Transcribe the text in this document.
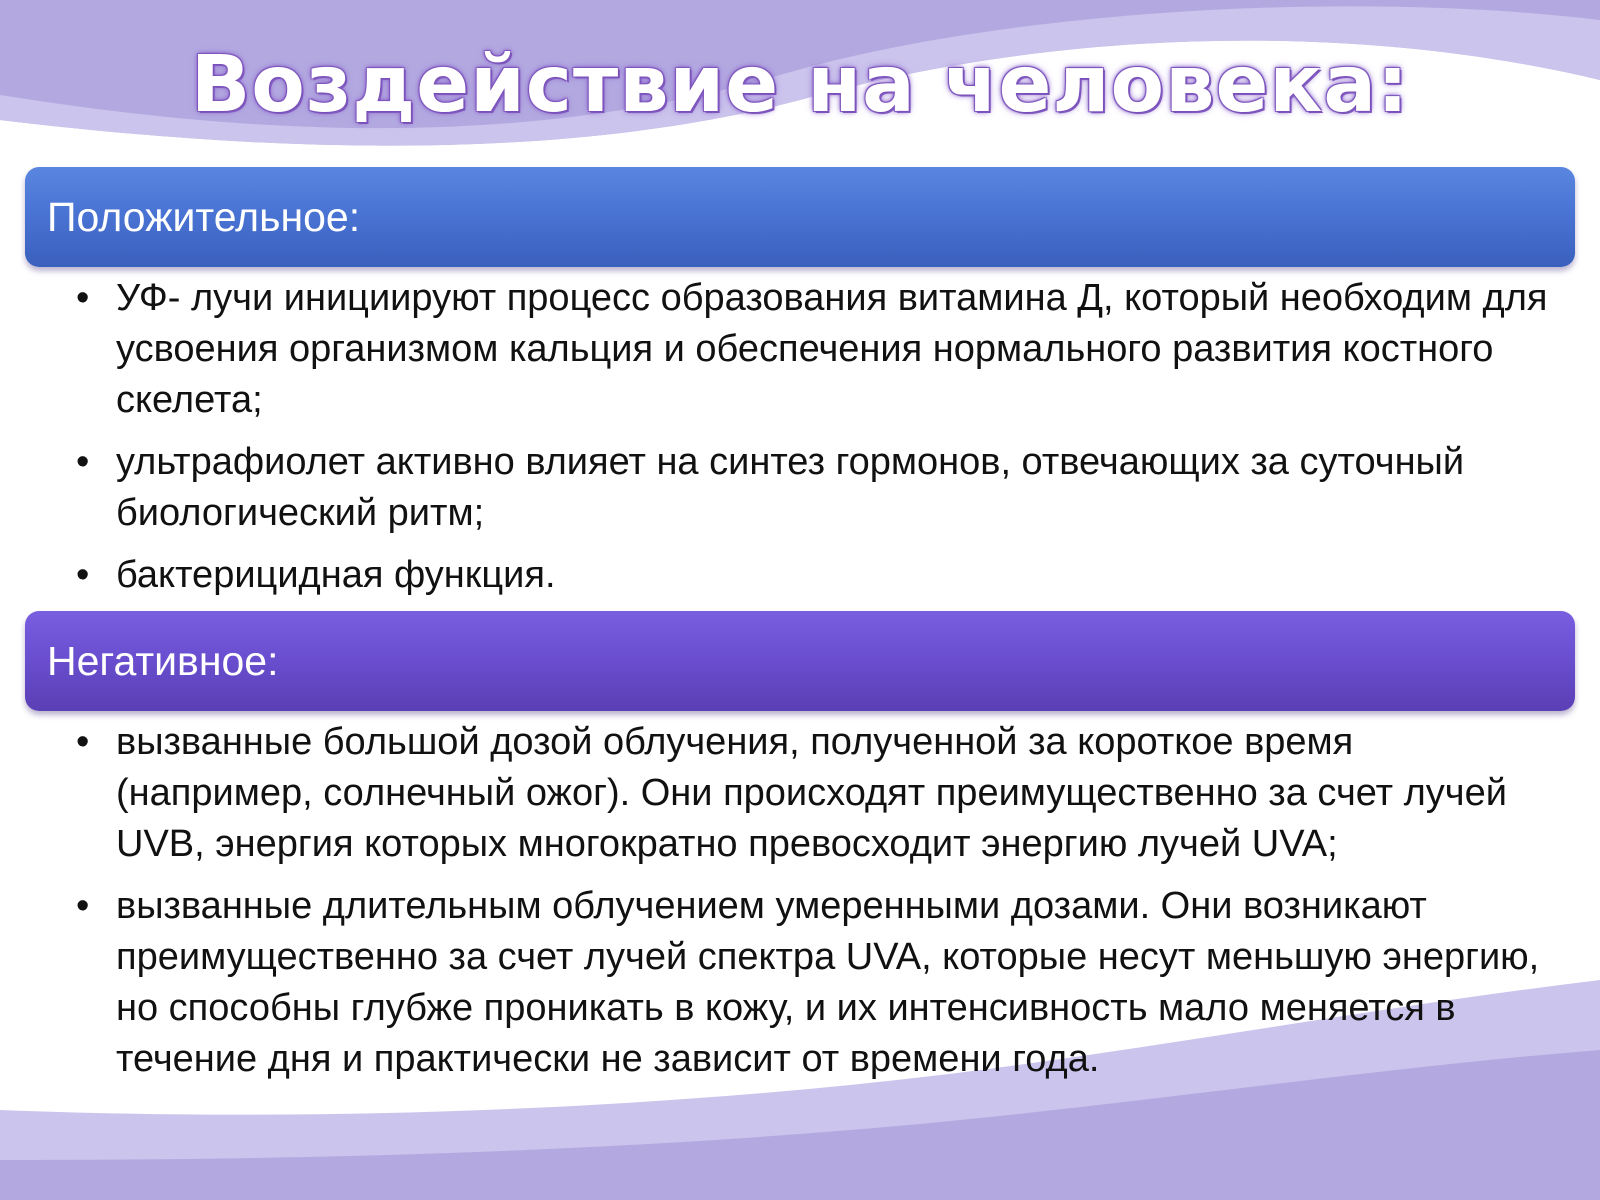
Воздействие на человека:
Положительное:
• УФ- лучи инициируют процесс образования витамина Д, который необходим для усвоения организмом кальция и обеспечения нормального развития костного скелета;
• ультрафиолет активно влияет на синтез гормонов, отвечающих за суточный биологический ритм;
• бактерицидная функция.
Негативное:
• вызванные большой дозой облучения, полученной за короткое время (например, солнечный ожог). Они происходят преимущественно за счет лучей UVB, энергия которых многократно превосходит энергию лучей UVA;
• вызванные длительным облучением умеренными дозами. Они возникают преимущественно за счет лучей спектра UVA, которые несут меньшую энергию, но способны глубже проникать в кожу, и их интенсивность мало меняется в течение дня и практически не зависит от времени года.
